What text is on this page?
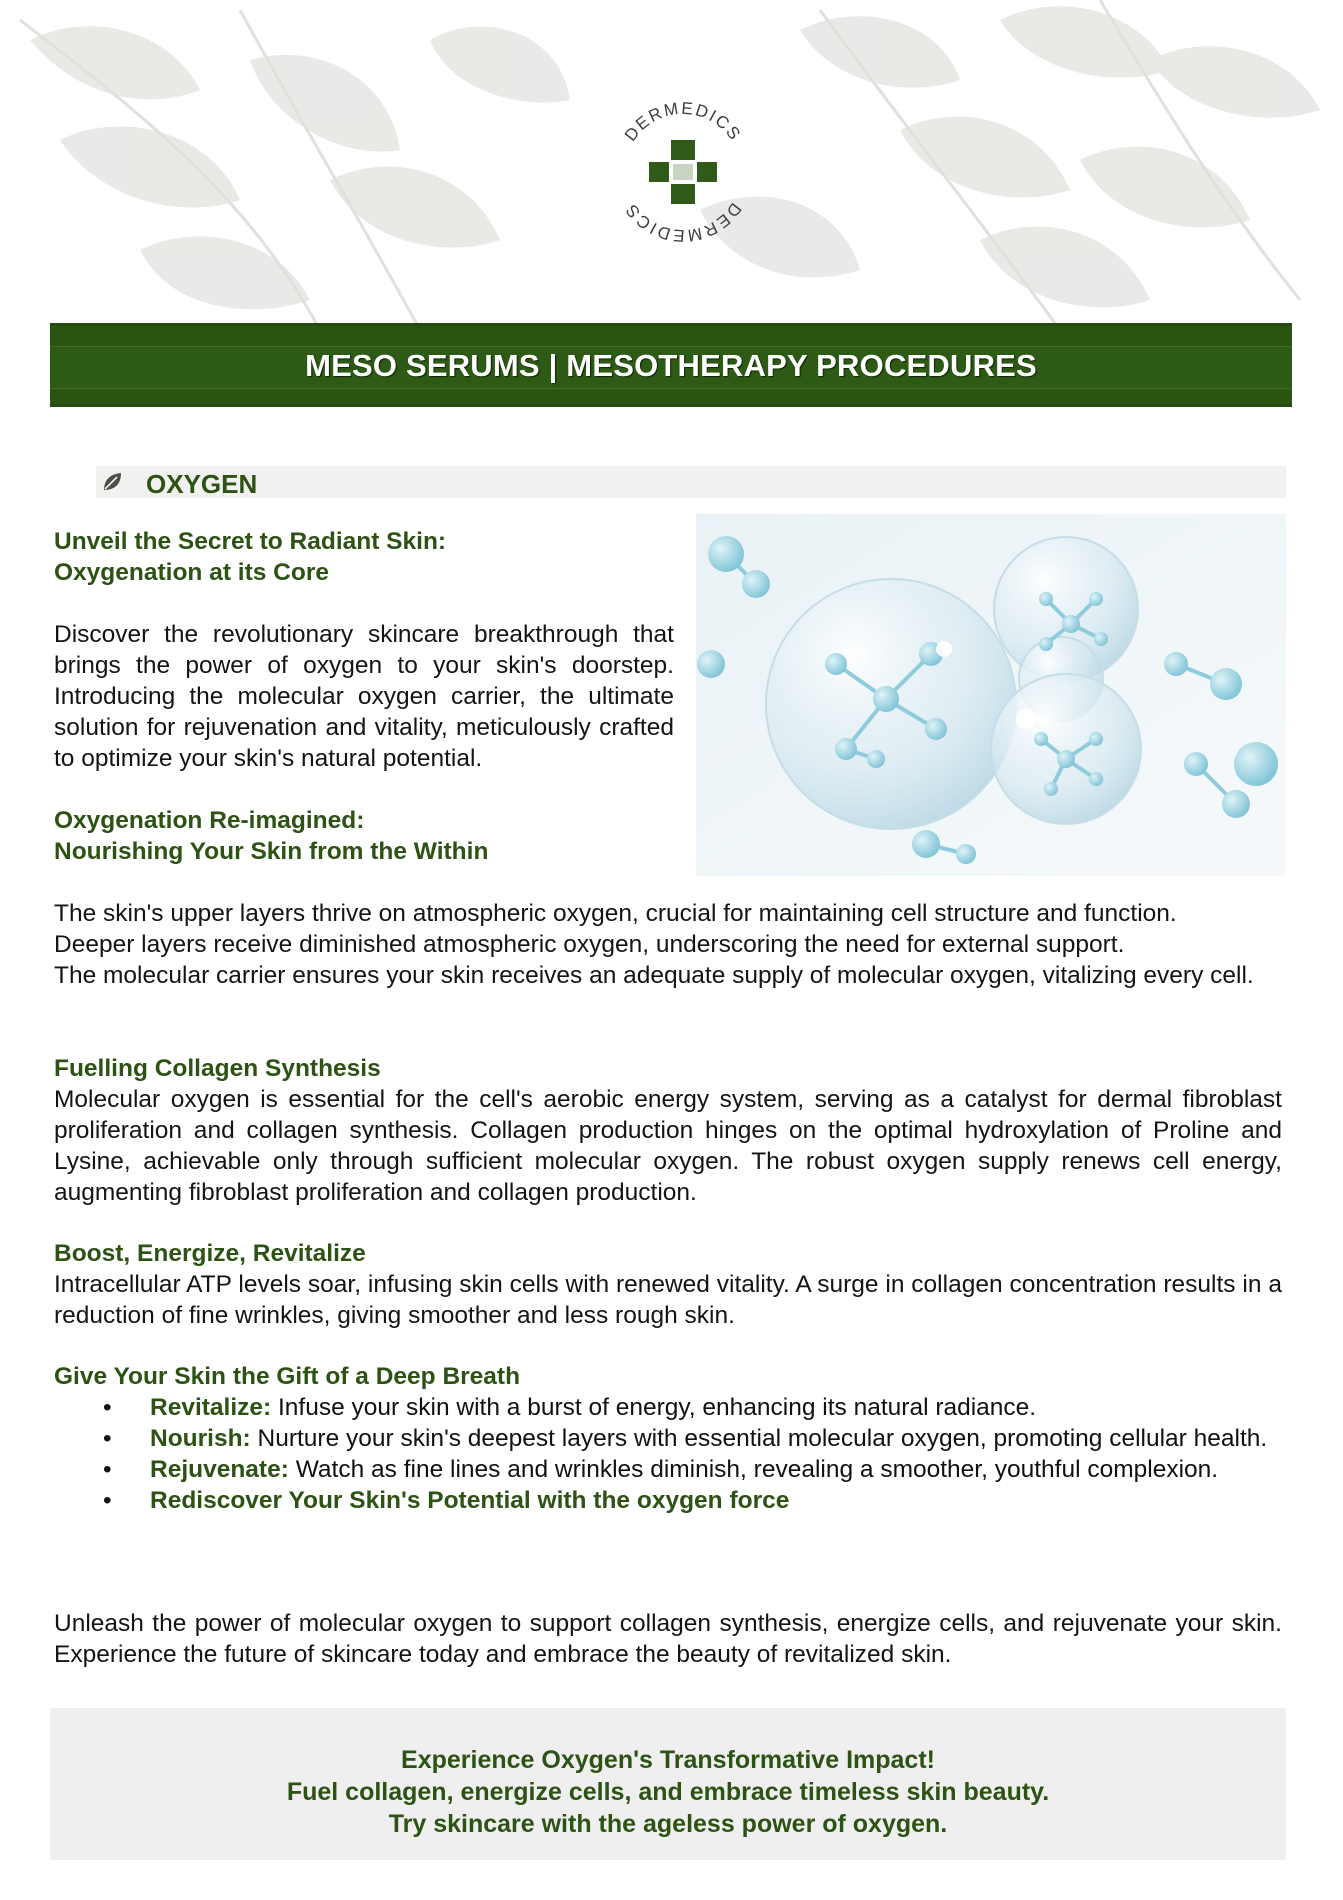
DERMEDICS
DERMEDICS
MESO SERUMS | MESOTHERAPY PROCEDURES
OXYGEN

Unveil the Secret to Radiant Skin:

Oxygenation at its Core

Discover the revolutionary skincare breakthrough that brings the power of oxygen to your skin's doorstep. Introducing the molecular oxygen carrier, the ultimate solution for rejuvenation and vitality, meticulously crafted to optimize your skin's natural potential.

Oxygenation Re-imagined:

Nourishing Your Skin from the Within

The skin's upper layers thrive on atmospheric oxygen, crucial for maintaining cell structure and function.

Deeper layers receive diminished atmospheric oxygen, underscoring the need for external support.

The molecular carrier ensures your skin receives an adequate supply of molecular oxygen, vitalizing every cell.

Fuelling Collagen Synthesis

Molecular oxygen is essential for the cell's aerobic energy system, serving as a catalyst for dermal fibroblast proliferation and collagen synthesis. Collagen production hinges on the optimal hydroxylation of Proline and Lysine, achievable only through sufficient molecular oxygen. The robust oxygen supply renews cell energy, augmenting fibroblast proliferation and collagen production.

Boost, Energize, Revitalize

Intracellular ATP levels soar, infusing skin cells with renewed vitality. A surge in collagen concentration results in a reduction of fine wrinkles, giving smoother and less rough skin.

Give Your Skin the Gift of a Deep Breath

• Revitalize: Infuse your skin with a burst of energy, enhancing its natural radiance.
• Nourish: Nurture your skin's deepest layers with essential molecular oxygen, promoting cellular health.
• Rejuvenate: Watch as fine lines and wrinkles diminish, revealing a smoother, youthful complexion.
• Rediscover Your Skin's Potential with the oxygen force

Unleash the power of molecular oxygen to support collagen synthesis, energize cells, and rejuvenate your skin. Experience the future of skincare today and embrace the beauty of revitalized skin.

Experience Oxygen's Transformative Impact!
Fuel collagen, energize cells, and embrace timeless skin beauty.
Try skincare with the ageless power of oxygen.
